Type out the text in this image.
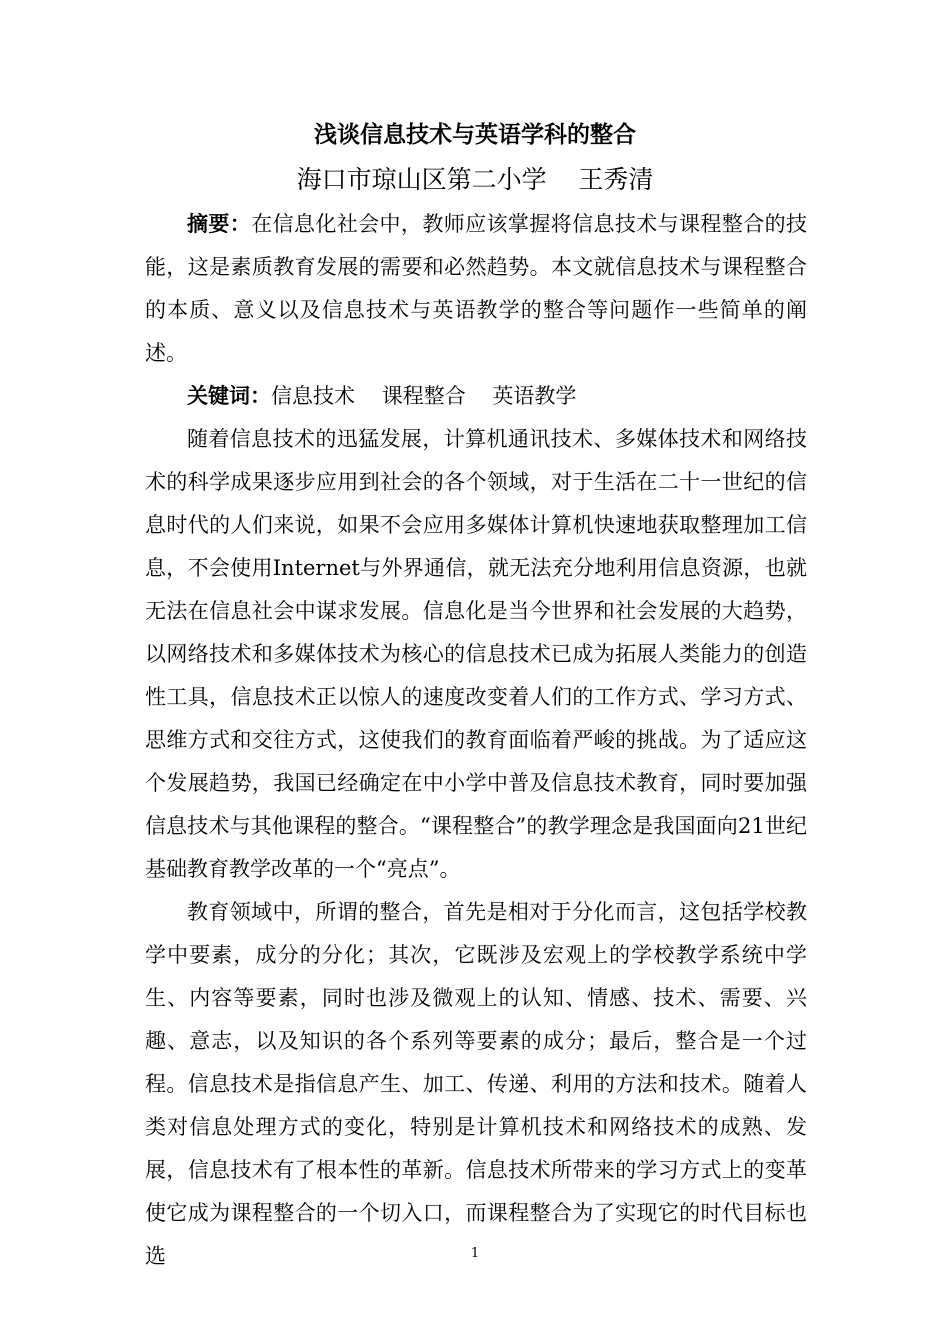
浅谈信息技术与英语学科的整合
海口市琼山区第二小学    王秀清

摘要：在信息化社会中，教师应该掌握将信息技术与课程整合的技能，这是素质教育发展的需要和必然趋势。本文就信息技术与课程整合的本质、意义以及信息技术与英语教学的整合等问题作一些简单的阐述。

关键词：信息技术    课程整合    英语教学

随着信息技术的迅猛发展，计算机通讯技术、多媒体技术和网络技术的科学成果逐步应用到社会的各个领域，对于生活在二十一世纪的信息时代的人们来说，如果不会应用多媒体计算机快速地获取整理加工信息，不会使用Internet与外界通信，就无法充分地利用信息资源，也就无法在信息社会中谋求发展。信息化是当今世界和社会发展的大趋势，以网络技术和多媒体技术为核心的信息技术已成为拓展人类能力的创造性工具，信息技术正以惊人的速度改变着人们的工作方式、学习方式、思维方式和交往方式，这使我们的教育面临着严峻的挑战。为了适应这个发展趋势，我国已经确定在中小学中普及信息技术教育，同时要加强信息技术与其他课程的整合。“课程整合”的教学理念是我国面向21世纪基础教育教学改革的一个“亮点”。

教育领域中，所谓的整合，首先是相对于分化而言，这包括学校教学中要素，成分的分化；其次，它既涉及宏观上的学校教学系统中学生、内容等要素，同时也涉及微观上的认知、情感、技术、需要、兴趣、意志，以及知识的各个系列等要素的成分；最后，整合是一个过程。信息技术是指信息产生、加工、传递、利用的方法和技术。随着人类对信息处理方式的变化，特别是计算机技术和网络技术的成熟、发展，信息技术有了根本性的革新。信息技术所带来的学习方式上的变革使它成为课程整合的一个切入口，而课程整合为了实现它的时代目标也选	1
